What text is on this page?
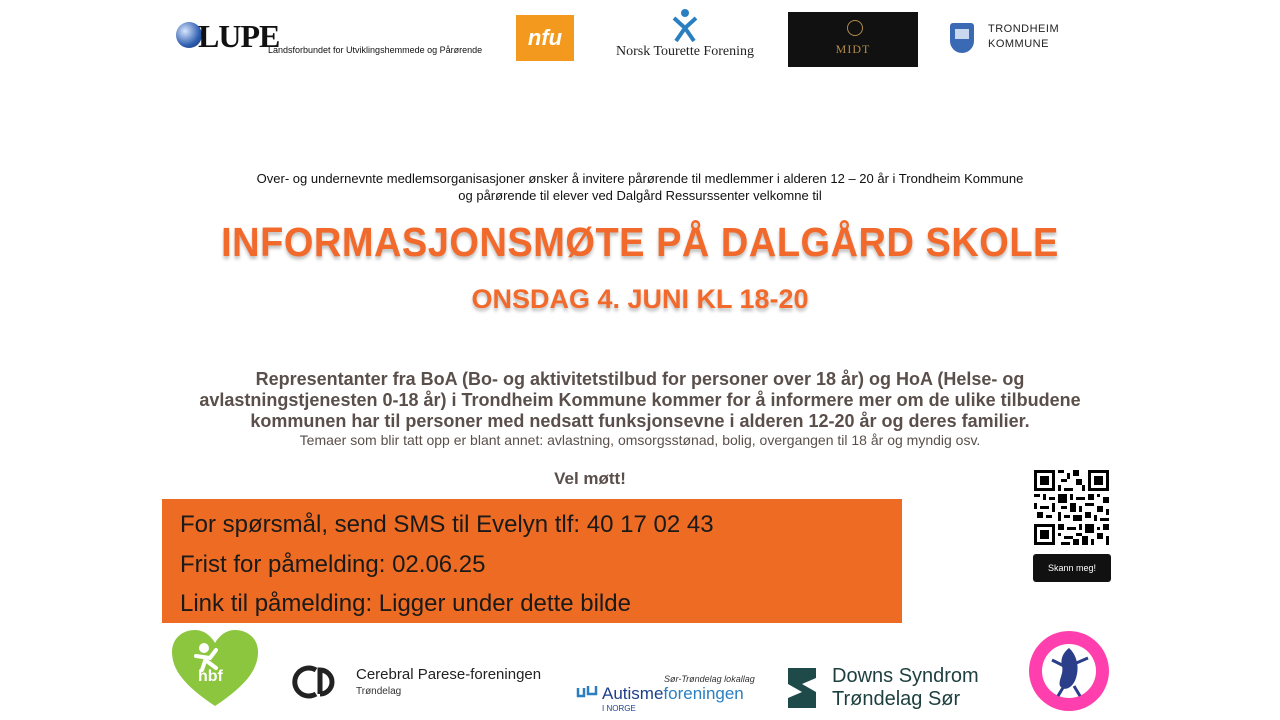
LUPE
Landsforbundet for Utviklingshemmede og Pårørende	nfu
Norsk Tourette Forening	MIDT
TRONDHEIM
KOMMUNE
Over- og undernevnte medlemsorganisasjoner ønsker å invitere pårørende til medlemmer i alderen 12 – 20 år i Trondheim Kommune
og pårørende til elever ved Dalgård Ressurssenter velkomne til
INFORMASJONSMØTE PÅ DALGÅRD SKOLE
ONSDAG 4. JUNI KL 18-20
Representanter fra BoA (Bo- og aktivitetstilbud for personer over 18 år) og HoA (Helse- og avlastningstjenesten 0-18 år) i Trondheim Kommune kommer for å informere mer om de ulike tilbudene kommunen har til personer med nedsatt funksjonsevne i alderen 12-20 år og deres familier.
Temaer som blir tatt opp er blant annet: avlastning, omsorgsstønad, bolig, overgangen til 18 år og myndig osv.
Vel møtt!
For spørsmål, send SMS til Evelyn tlf: 40 17 02 43
Frist for påmelding: 02.06.25
Link til påmelding: Ligger under dette bilde
Skann meg!
hbf	Cerebral Parese-foreningen
Trøndelag
Sør-Trøndelag lokallag
Autismeforeningen
I NORGE
Downs Syndrom
Trøndelag Sør
